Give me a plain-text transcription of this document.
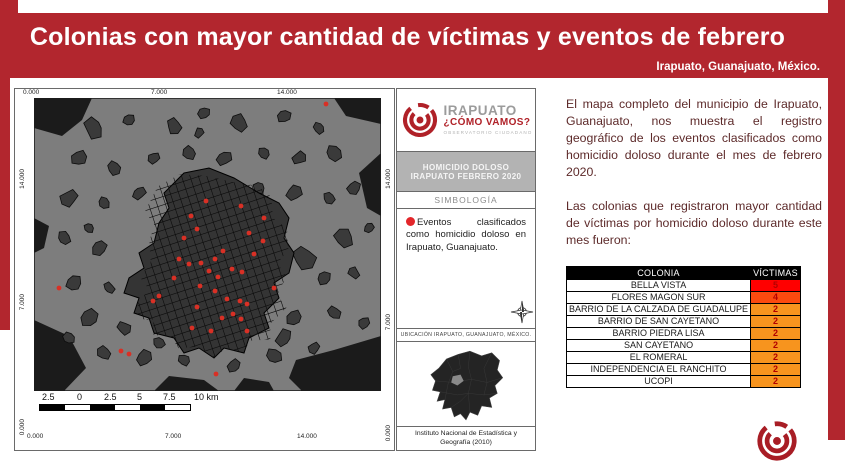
Colonias con mayor cantidad de víctimas y eventos de febrero
Irapuato, Guanajuato, México.
0.000	7.000	14.000
14.000
7.000
0.000
14.000
7.000
0.000
0.000	7.000	14.000
2.5 0 2.5 5 7.5 10 km
IRAPUATO
¿CÓMO VAMOS?
OBSERVATORIO CIUDADANO
HOMICIDIO DOLOSO IRAPUATO FEBRERO 2020
SIMBOLOGÍA
Eventos clasificados como homicidio doloso en Irapuato, Guanajuato.
UBICACIÓN IRAPUATO, GUANAJUATO, MÉXICO.
Instituto Nacional de Estadística y Geografía (2010)

El mapa completo del municipio de Irapuato, Guanajuato, nos muestra el registro geográfico de los eventos clasificados como homicidio doloso durante el mes de febrero 2020.

Las colonias que registraron mayor cantidad de víctimas por homicidio doloso durante este mes fueron:

COLONIA	VÍCTIMAS
BELLA VISTA	5
FLORES MAGON SUR	4
BARRIO DE LA CALZADA DE GUADALUPE	2
BARRIO DE SAN CAYETANO	2
BARRIO PIEDRA LISA	2
SAN CAYETANO	2
EL ROMERAL	2
INDEPENDENCIA EL RANCHITO	2
UCOPI	2
